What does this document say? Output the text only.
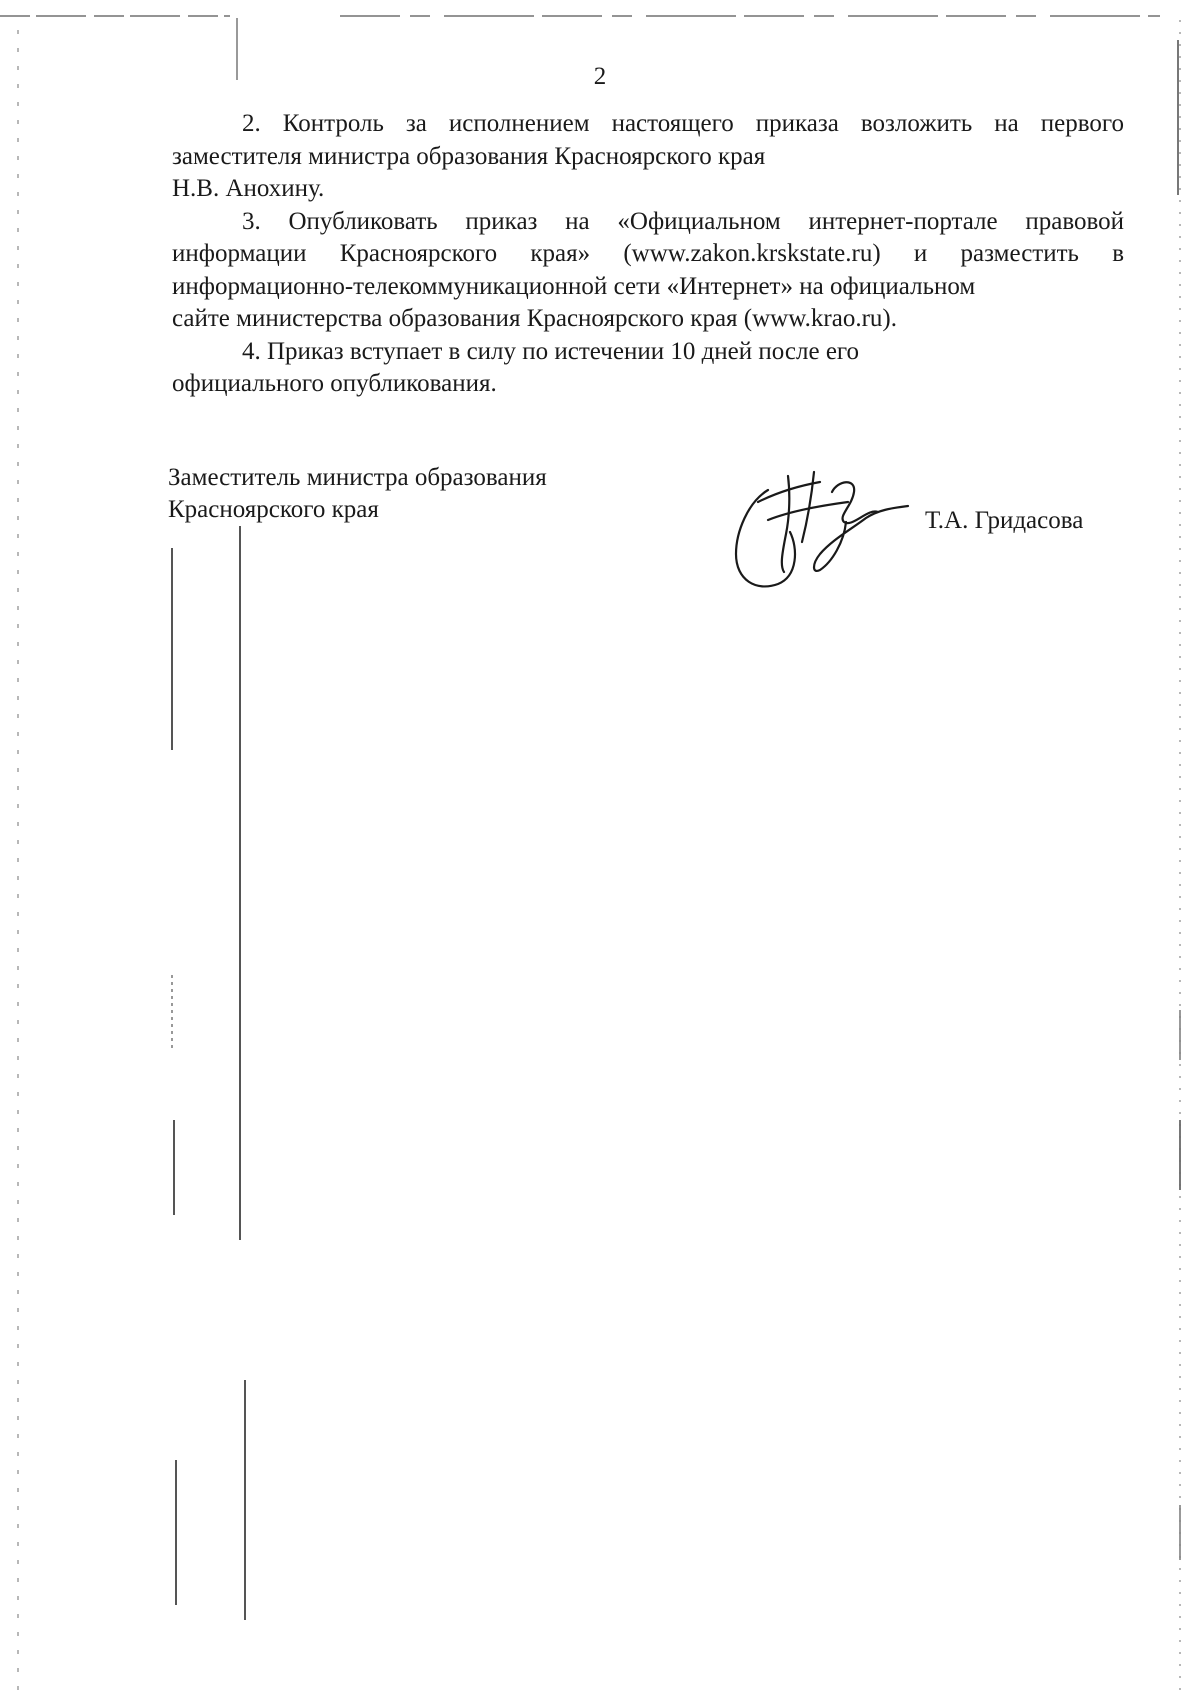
2

2. Контроль за исполнением настоящего приказа возложить на первого заместителя министра образования Красноярского края

Н.В. Анохину.

3. Опубликовать приказ на «Официальном интернет-портале правовой информации Красноярского края» (www.zakon.krskstate.ru) и разместить в информационно-телекоммуникационной сети «Интернет» на официальном

сайте министерства образования Красноярского края (www.krao.ru).

4. Приказ вступает в силу по истечении 10 дней после его

официального опубликования.

Заместитель министра образования
Красноярского края	Т.А. Гридасова
